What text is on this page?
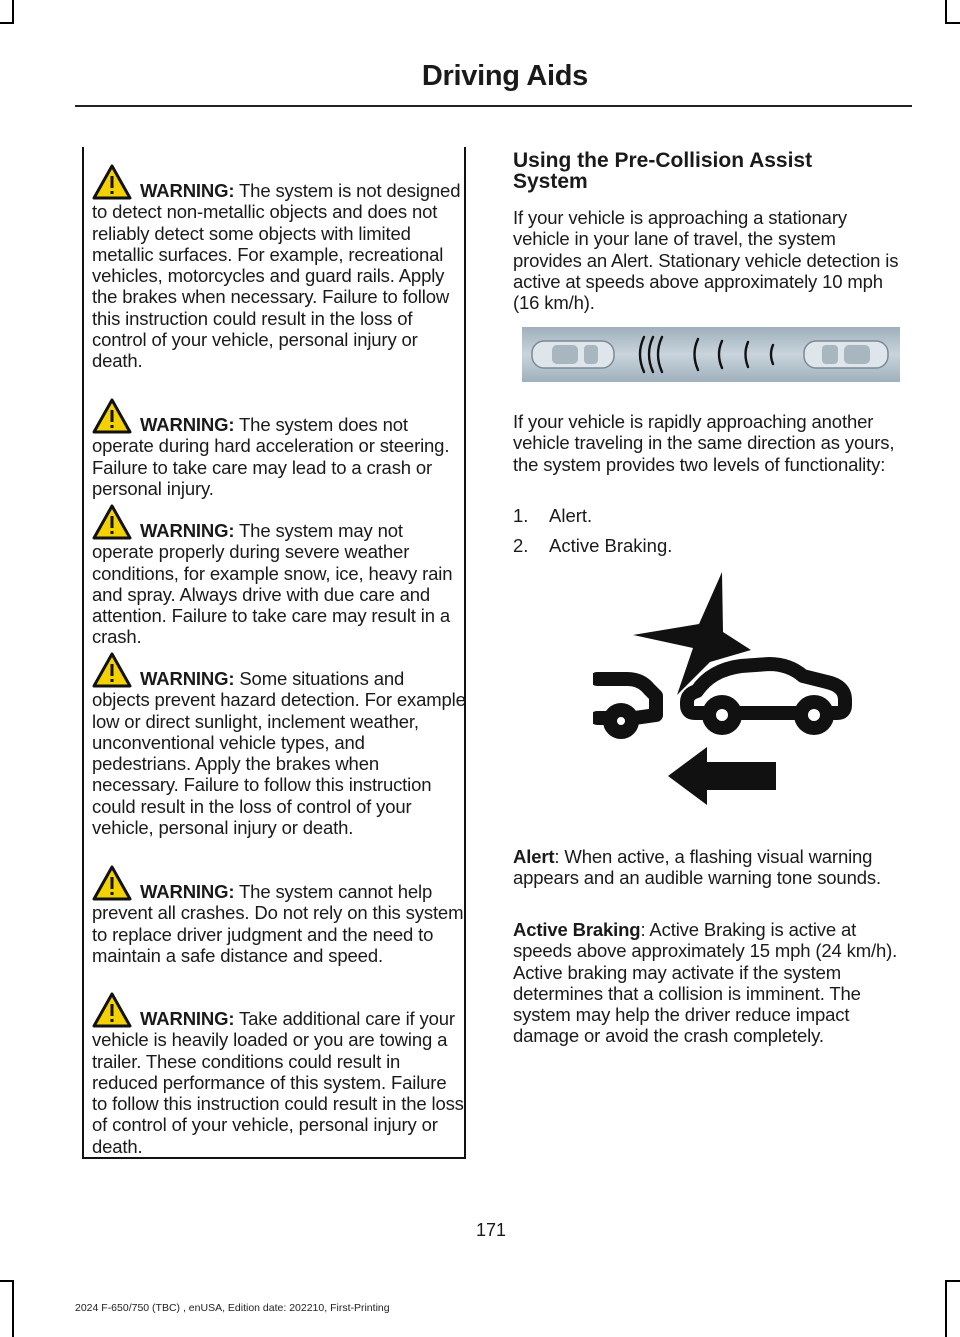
Driving Aids

WARNING: The system is not designed to detect non-metallic objects and does not reliably detect some objects with limited metallic surfaces. For example, recreational vehicles, motorcycles and guard rails. Apply the brakes when necessary. Failure to follow this instruction could result in the loss of control of your vehicle, personal injury or death.

WARNING: The system does not operate during hard acceleration or steering. Failure to take care may lead to a crash or personal injury.

WARNING: The system may not operate properly during severe weather conditions, for example snow, ice, heavy rain and spray. Always drive with due care and attention. Failure to take care may result in a crash.

WARNING: Some situations and objects prevent hazard detection. For example low or direct sunlight, inclement weather, unconventional vehicle types, and pedestrians. Apply the brakes when necessary. Failure to follow this instruction could result in the loss of control of your vehicle, personal injury or death.

WARNING: The system cannot help prevent all crashes. Do not rely on this system to replace driver judgment and the need to maintain a safe distance and speed.

WARNING: Take additional care if your vehicle is heavily loaded or you are towing a trailer. These conditions could result in reduced performance of this system. Failure to follow this instruction could result in the loss of control of your vehicle, personal injury or death.

Using the Pre-Collision Assist System

If your vehicle is approaching a stationary vehicle in your lane of travel, the system provides an Alert. Stationary vehicle detection is active at speeds above approximately 10 mph (16 km/h).

If your vehicle is rapidly approaching another vehicle traveling in the same direction as yours, the system provides two levels of functionality:

1. Alert.
2. Active Braking.

Alert: When active, a flashing visual warning appears and an audible warning tone sounds.

Active Braking: Active Braking is active at speeds above approximately 15 mph (24 km/h). Active braking may activate if the system determines that a collision is imminent. The system may help the driver reduce impact damage or avoid the crash completely.

171
2024 F-650/750 (TBC) , enUSA, Edition date: 202210, First-Printing
